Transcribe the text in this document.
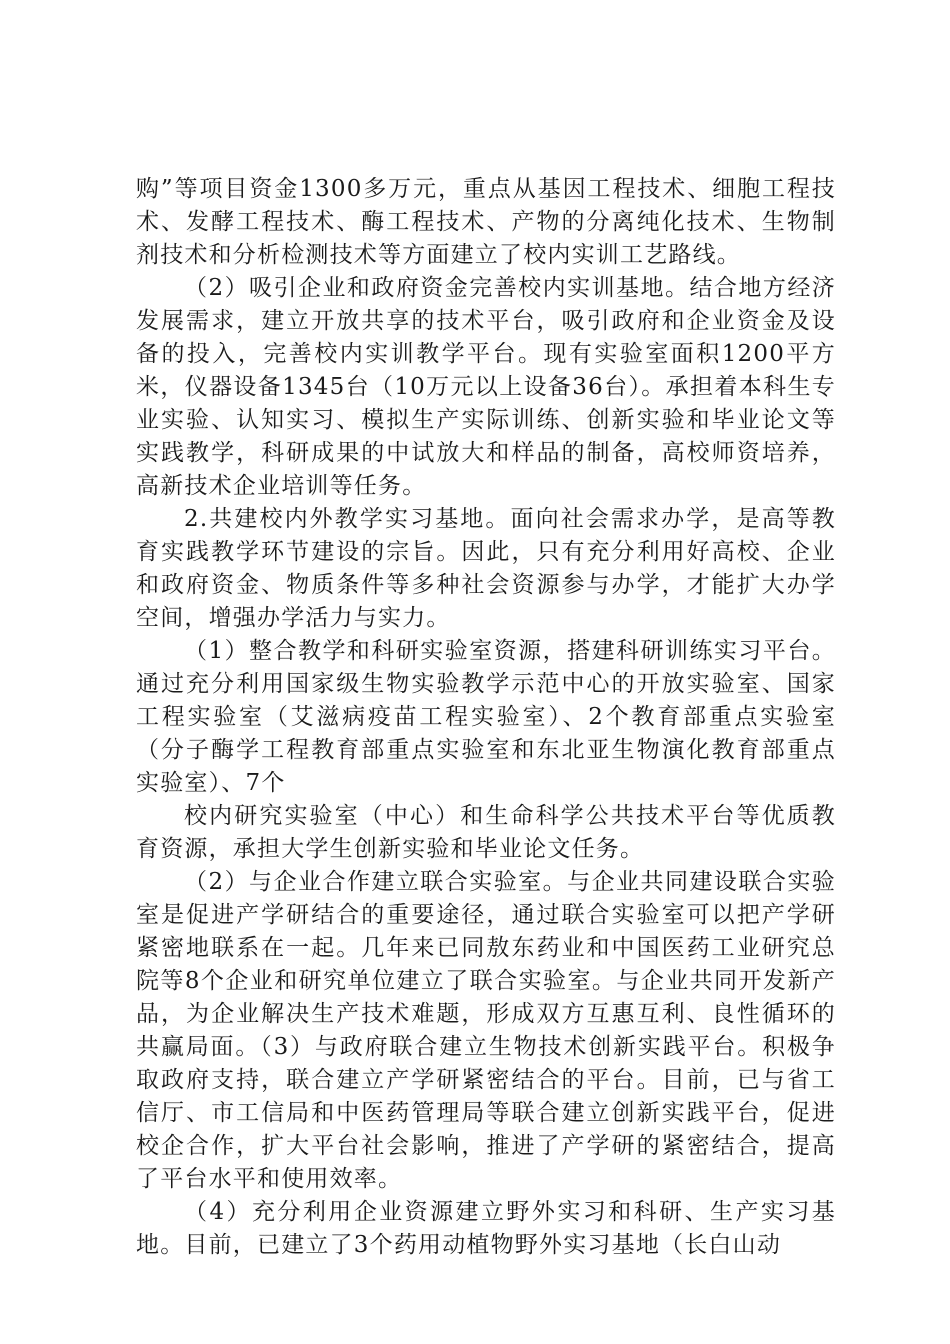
购”等项目资金1300多万元，重点从基因工程技术、细胞工程技术、发酵工程技术、酶工程技术、产物的分离纯化技术、生物制剂技术和分析检测技术等方面建立了校内实训工艺路线。

（2）吸引企业和政府资金完善校内实训基地。结合地方经济发展需求，建立开放共享的技术平台，吸引政府和企业资金及设备的投入，完善校内实训教学平台。现有实验室面积1200平方米，仪器设备1345台（10万元以上设备36台）。承担着本科生专业实验、认知实习、模拟生产实际训练、创新实验和毕业论文等实践教学，科研成果的中试放大和样品的制备，高校师资培养，高新技术企业培训等任务。

2.共建校内外教学实习基地。面向社会需求办学，是高等教育实践教学环节建设的宗旨。因此，只有充分利用好高校、企业和政府资金、物质条件等多种社会资源参与办学，才能扩大办学空间，增强办学活力与实力。

（1）整合教学和科研实验室资源，搭建科研训练实习平台。通过充分利用国家级生物实验教学示范中心的开放实验室、国家工程实验室（艾滋病疫苗工程实验室）、2个教育部重点实验室（分子酶学工程教育部重点实验室和东北亚生物演化教育部重点实验室）、7个

校内研究实验室（中心）和生命科学公共技术平台等优质教育资源，承担大学生创新实验和毕业论文任务。

（2）与企业合作建立联合实验室。与企业共同建设联合实验室是促进产学研结合的重要途径，通过联合实验室可以把产学研紧密地联系在一起。几年来已同敖东药业和中国医药工业研究总院等8个企业和研究单位建立了联合实验室。与企业共同开发新产品，为企业解决生产技术难题，形成双方互惠互利、良性循环的共赢局面。（3）与政府联合建立生物技术创新实践平台。积极争取政府支持，联合建立产学研紧密结合的平台。目前，已与省工信厅、市工信局和中医药管理局等联合建立创新实践平台，促进校企合作，扩大平台社会影响，推进了产学研的紧密结合，提高了平台水平和使用效率。

（4）充分利用企业资源建立野外实习和科研、生产实习基地。目前，已建立了3个药用动植物野外实习基地（长白山动
